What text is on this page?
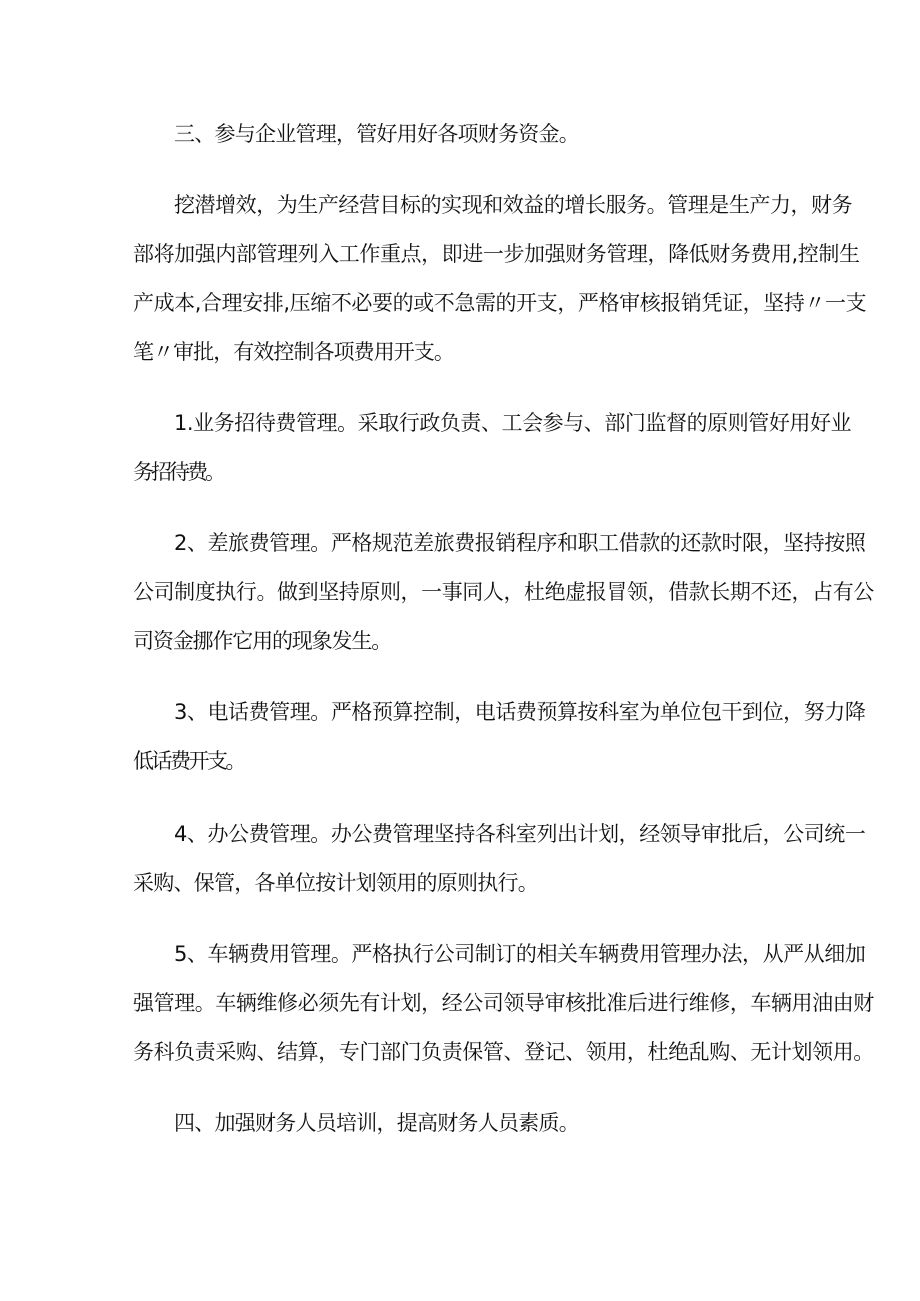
三、参与企业管理，管好用好各项财务资金。
挖潜增效，为生产经营目标的实现和效益的增长服务。管理是生产力，财务
部将加强内部管理列入工作重点，即进一步加强财务管理，降低财务费用,控制生
产成本,合理安排,压缩不必要的或不急需的开支，严格审核报销凭证，坚持〃一支
笔〃审批，有效控制各项费用开支。
1.业务招待费管理。采取行政负责、工会参与、部门监督的原则管好用好业
务招待费。
2、差旅费管理。严格规范差旅费报销程序和职工借款的还款时限，坚持按照
公司制度执行。做到坚持原则，一事同人，杜绝虚报冒领，借款长期不还，占有公
司资金挪作它用的现象发生。
3、电话费管理。严格预算控制，电话费预算按科室为单位包干到位，努力降
低话费开支。
4、办公费管理。办公费管理坚持各科室列出计划，经领导审批后，公司统一
采购、保管，各单位按计划领用的原则执行。
5、车辆费用管理。严格执行公司制订的相关车辆费用管理办法，从严从细加
强管理。车辆维修必须先有计划，经公司领导审核批准后进行维修，车辆用油由财
务科负责采购、结算，专门部门负责保管、登记、领用，杜绝乱购、无计划领用。
四、加强财务人员培训，提高财务人员素质。
